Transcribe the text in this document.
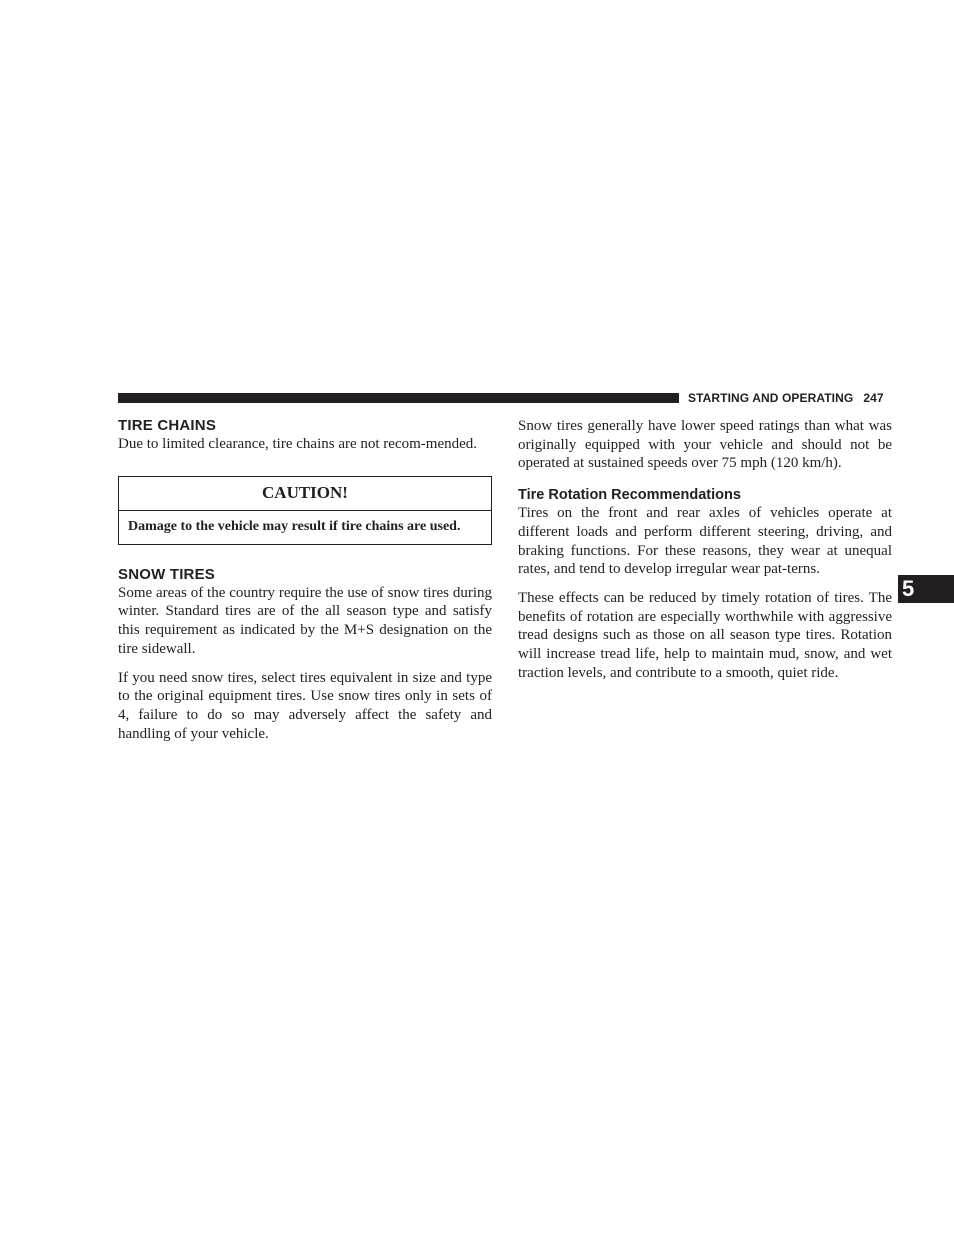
STARTING AND OPERATING 247
TIRE CHAINS

Due to limited clearance, tire chains are not recom-mended.

CAUTION!
Damage to the vehicle may result if tire chains are used.
SNOW TIRES

Some areas of the country require the use of snow tires during winter. Standard tires are of the all season type and satisfy this requirement as indicated by the M+S designation on the tire sidewall.

If you need snow tires, select tires equivalent in size and type to the original equipment tires. Use snow tires only in sets of 4, failure to do so may adversely affect the safety and handling of your vehicle.

Snow tires generally have lower speed ratings than what was originally equipped with your vehicle and should not be operated at sustained speeds over 75 mph (120 km/h).

Tire Rotation Recommendations

Tires on the front and rear axles of vehicles operate at different loads and perform different steering, driving, and braking functions. For these reasons, they wear at unequal rates, and tend to develop irregular wear pat-terns.

These effects can be reduced by timely rotation of tires. The benefits of rotation are especially worthwhile with aggressive tread designs such as those on all season type tires. Rotation will increase tread life, help to maintain mud, snow, and wet traction levels, and contribute to a smooth, quiet ride.

5
